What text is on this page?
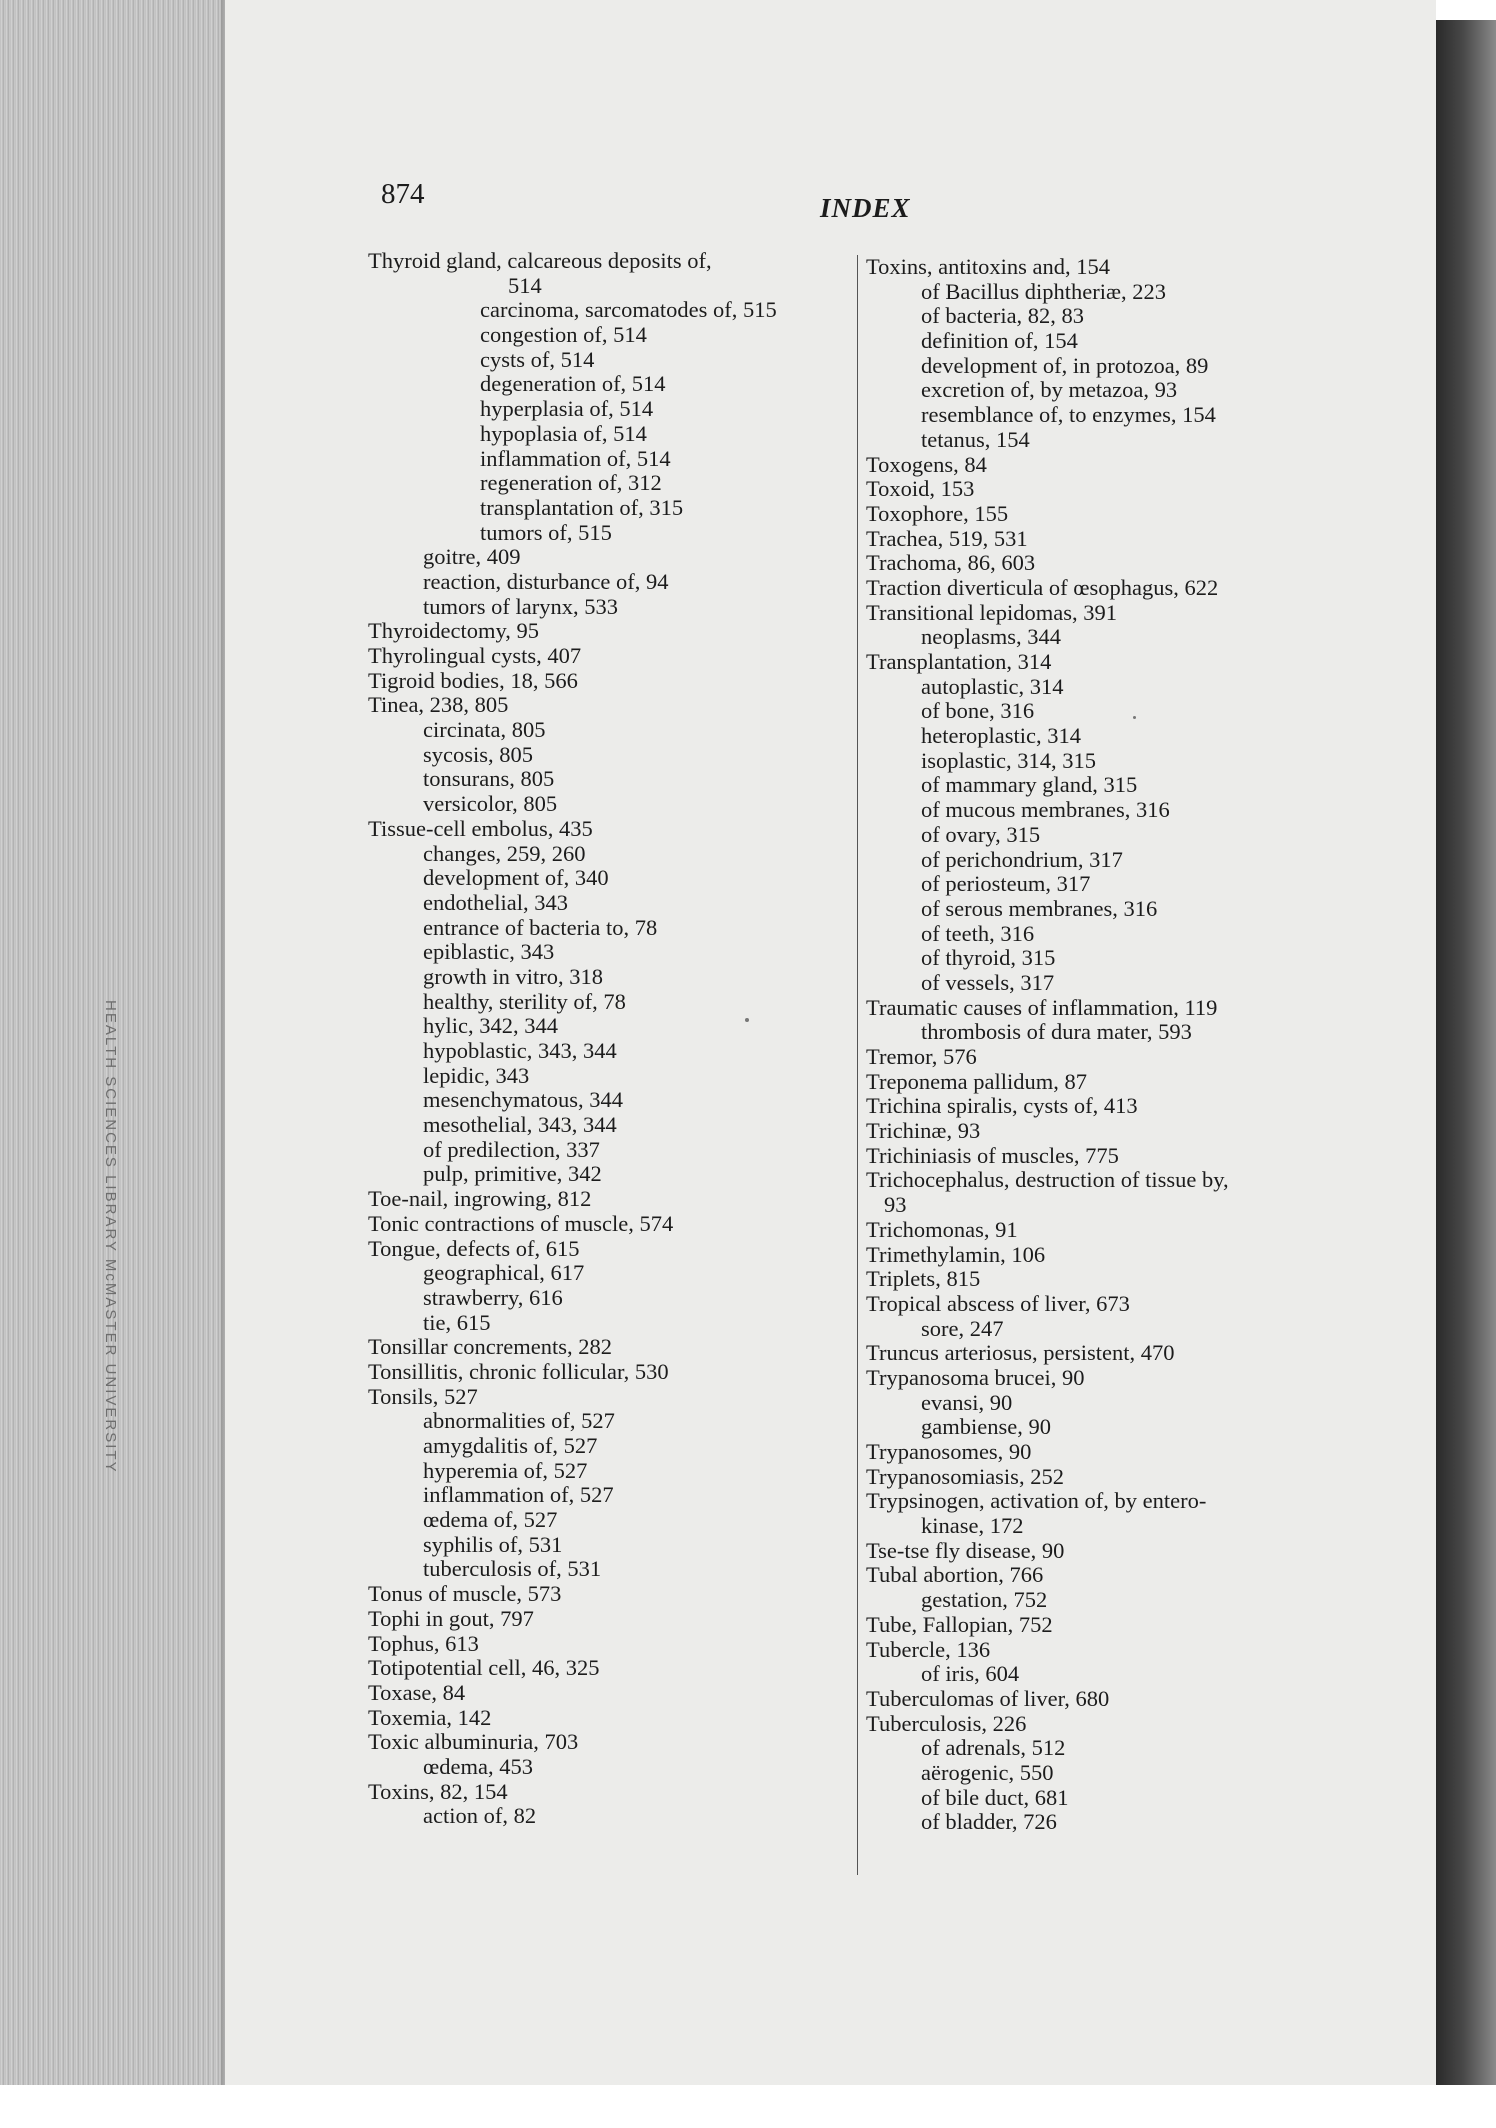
HEALTH SCIENCES LIBRARY McMASTER UNIVERSITY
874	INDEX
Thyroid gland, calcareous deposits of,
514
carcinoma, sarcomatodes of, 515
congestion of, 514
cysts of, 514
degeneration of, 514
hyperplasia of, 514
hypoplasia of, 514
inflammation of, 514
regeneration of, 312
transplantation of, 315
tumors of, 515
goitre, 409
reaction, disturbance of, 94
tumors of larynx, 533
Thyroidectomy, 95
Thyrolingual cysts, 407
Tigroid bodies, 18, 566
Tinea, 238, 805
circinata, 805
sycosis, 805
tonsurans, 805
versicolor, 805
Tissue-cell embolus, 435
changes, 259, 260
development of, 340
endothelial, 343
entrance of bacteria to, 78
epiblastic, 343
growth in vitro, 318
healthy, sterility of, 78
hylic, 342, 344
hypoblastic, 343, 344
lepidic, 343
mesenchymatous, 344
mesothelial, 343, 344
of predilection, 337
pulp, primitive, 342
Toe-nail, ingrowing, 812
Tonic contractions of muscle, 574
Tongue, defects of, 615
geographical, 617
strawberry, 616
tie, 615
Tonsillar concrements, 282
Tonsillitis, chronic follicular, 530
Tonsils, 527
abnormalities of, 527
amygdalitis of, 527
hyperemia of, 527
inflammation of, 527
œdema of, 527
syphilis of, 531
tuberculosis of, 531
Tonus of muscle, 573
Tophi in gout, 797
Tophus, 613
Totipotential cell, 46, 325
Toxase, 84
Toxemia, 142
Toxic albuminuria, 703
œdema, 453
Toxins, 82, 154
action of, 82
Toxins, antitoxins and, 154
of Bacillus diphtheriæ, 223
of bacteria, 82, 83
definition of, 154
development of, in protozoa, 89
excretion of, by metazoa, 93
resemblance of, to enzymes, 154
tetanus, 154
Toxogens, 84
Toxoid, 153
Toxophore, 155
Trachea, 519, 531
Trachoma, 86, 603
Traction diverticula of œsophagus, 622
Transitional lepidomas, 391
neoplasms, 344
Transplantation, 314
autoplastic, 314
of bone, 316
heteroplastic, 314
isoplastic, 314, 315
of mammary gland, 315
of mucous membranes, 316
of ovary, 315
of perichondrium, 317
of periosteum, 317
of serous membranes, 316
of teeth, 316
of thyroid, 315
of vessels, 317
Traumatic causes of inflammation, 119
thrombosis of dura mater, 593
Tremor, 576
Treponema pallidum, 87
Trichina spiralis, cysts of, 413
Trichinæ, 93
Trichiniasis of muscles, 775
Trichocephalus, destruction of tissue by,
93
Trichomonas, 91
Trimethylamin, 106
Triplets, 815
Tropical abscess of liver, 673
sore, 247
Truncus arteriosus, persistent, 470
Trypanosoma brucei, 90
evansi, 90
gambiense, 90
Trypanosomes, 90
Trypanosomiasis, 252
Trypsinogen, activation of, by entero-
kinase, 172
Tse-tse fly disease, 90
Tubal abortion, 766
gestation, 752
Tube, Fallopian, 752
Tubercle, 136
of iris, 604
Tuberculomas of liver, 680
Tuberculosis, 226
of adrenals, 512
aërogenic, 550
of bile duct, 681
of bladder, 726
